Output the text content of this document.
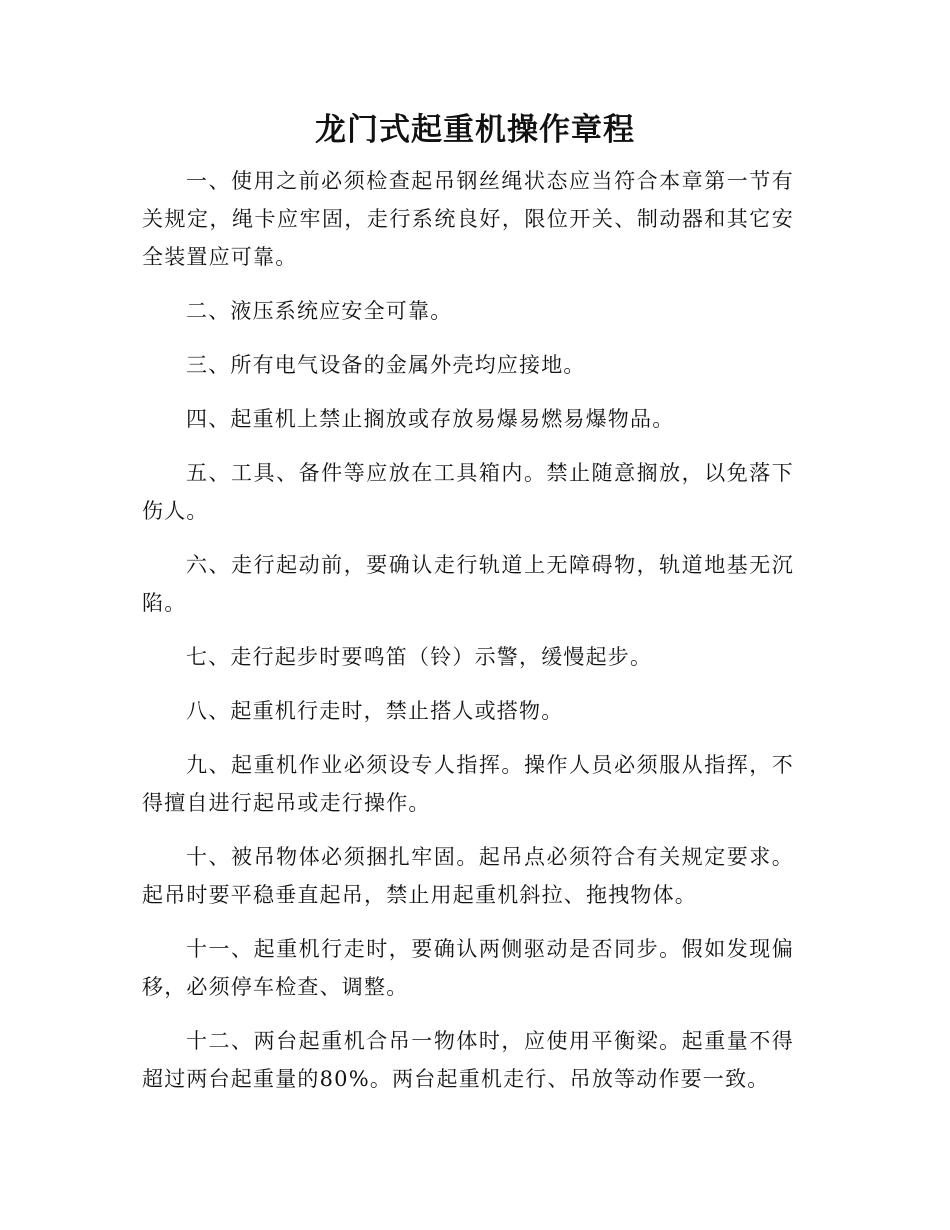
龙门式起重机操作章程

一、使用之前必须检查起吊钢丝绳状态应当符合本章第一节有关规定，绳卡应牢固，走行系统良好，限位开关、制动器和其它安全装置应可靠。

二、液压系统应安全可靠。

三、所有电气设备的金属外壳均应接地。

四、起重机上禁止搁放或存放易爆易燃易爆物品。

五、工具、备件等应放在工具箱内。禁止随意搁放，以免落下伤人。

六、走行起动前，要确认走行轨道上无障碍物，轨道地基无沉陷。

七、走行起步时要鸣笛（铃）示警，缓慢起步。

八、起重机行走时，禁止搭人或搭物。

九、起重机作业必须设专人指挥。操作人员必须服从指挥，不得擅自进行起吊或走行操作。

十、被吊物体必须捆扎牢固。起吊点必须符合有关规定要求。起吊时要平稳垂直起吊，禁止用起重机斜拉、拖拽物体。

十一、起重机行走时，要确认两侧驱动是否同步。假如发现偏移，必须停车检查、调整。

十二、两台起重机合吊一物体时，应使用平衡梁。起重量不得超过两台起重量的80%。两台起重机走行、吊放等动作要一致。
